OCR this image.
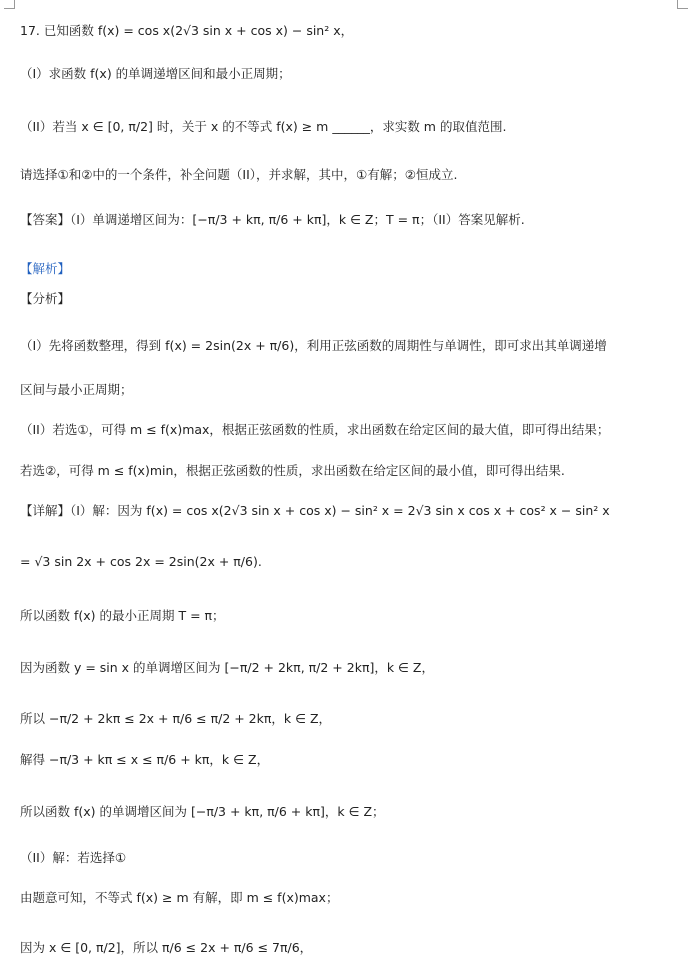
17. 已知函数 f(x) = cos x(2√3 sin x + cos x) − sin² x，
（I）求函数 f(x) 的单调递增区间和最小正周期；
（II）若当 x ∈ [0, π/2] 时，关于 x 的不等式 f(x) ≥ m ______，求实数 m 的取值范围.
请选择①和②中的一个条件，补全问题（II），并求解，其中，①有解；②恒成立.
【答案】（I）单调递增区间为：[−π/3 + kπ, π/6 + kπ]，k ∈ Z；T = π；（II）答案见解析.
【解析】
【分析】
（I）先将函数整理，得到 f(x) = 2sin(2x + π/6)，利用正弦函数的周期性与单调性，即可求出其单调递增
区间与最小正周期；
（II）若选①，可得 m ≤ f(x)max，根据正弦函数的性质，求出函数在给定区间的最大值，即可得出结果；
若选②，可得 m ≤ f(x)min，根据正弦函数的性质，求出函数在给定区间的最小值，即可得出结果.
【详解】（I）解：因为 f(x) = cos x(2√3 sin x + cos x) − sin² x = 2√3 sin x cos x + cos² x − sin² x
= √3 sin 2x + cos 2x = 2sin(2x + π/6).
所以函数 f(x) 的最小正周期 T = π；
因为函数 y = sin x 的单调增区间为 [−π/2 + 2kπ, π/2 + 2kπ]，k ∈ Z，
所以 −π/2 + 2kπ ≤ 2x + π/6 ≤ π/2 + 2kπ，k ∈ Z，
解得 −π/3 + kπ ≤ x ≤ π/6 + kπ，k ∈ Z，
所以函数 f(x) 的单调增区间为 [−π/3 + kπ, π/6 + kπ]，k ∈ Z；
（II）解：若选择①
由题意可知，不等式 f(x) ≥ m 有解，即 m ≤ f(x)max；
因为 x ∈ [0, π/2]，所以 π/6 ≤ 2x + π/6 ≤ 7π/6，
